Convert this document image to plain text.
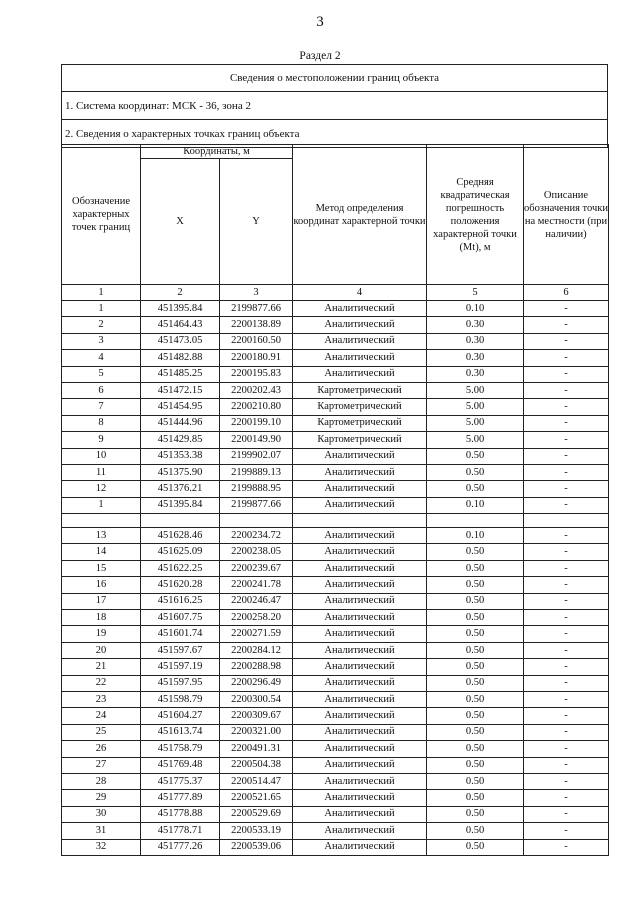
3
Раздел 2
Сведения о местоположении границ объекта
1. Система координат: МСК - 36, зона 2
2. Сведения о характерных точках границ объекта
Обозначение характерных точек границ	Координаты, м		Метод определения координат характерной точки	Средняя квадратическая погрешность положения характерной точки (Mt), м	Описание обозначения точки на местности (при наличии)
	X	Y			
1	2	3	4	5	6
1	451395.84	2199877.66	Аналитический	0.10	-
2	451464.43	2200138.89	Аналитический	0.30	-
3	451473.05	2200160.50	Аналитический	0.30	-
4	451482.88	2200180.91	Аналитический	0.30	-
5	451485.25	2200195.83	Аналитический	0.30	-
6	451472.15	2200202.43	Картометрический	5.00	-
7	451454.95	2200210.80	Картометрический	5.00	-
8	451444.96	2200199.10	Картометрический	5.00	-
9	451429.85	2200149.90	Картометрический	5.00	-
10	451353.38	2199902.07	Аналитический	0.50	-
11	451375.90	2199889.13	Аналитический	0.50	-
12	451376.21	2199888.95	Аналитический	0.50	-
1	451395.84	2199877.66	Аналитический	0.10	-

13	451628.46	2200234.72	Аналитический	0.10	-
14	451625.09	2200238.05	Аналитический	0.50	-
15	451622.25	2200239.67	Аналитический	0.50	-
16	451620.28	2200241.78	Аналитический	0.50	-
17	451616.25	2200246.47	Аналитический	0.50	-
18	451607.75	2200258.20	Аналитический	0.50	-
19	451601.74	2200271.59	Аналитический	0.50	-
20	451597.67	2200284.12	Аналитический	0.50	-
21	451597.19	2200288.98	Аналитический	0.50	-
22	451597.95	2200296.49	Аналитический	0.50	-
23	451598.79	2200300.54	Аналитический	0.50	-
24	451604.27	2200309.67	Аналитический	0.50	-
25	451613.74	2200321.00	Аналитический	0.50	-
26	451758.79	2200491.31	Аналитический	0.50	-
27	451769.48	2200504.38	Аналитический	0.50	-
28	451775.37	2200514.47	Аналитический	0.50	-
29	451777.89	2200521.65	Аналитический	0.50	-
30	451778.88	2200529.69	Аналитический	0.50	-
31	451778.71	2200533.19	Аналитический	0.50	-
32	451777.26	2200539.06	Аналитический	0.50	-
